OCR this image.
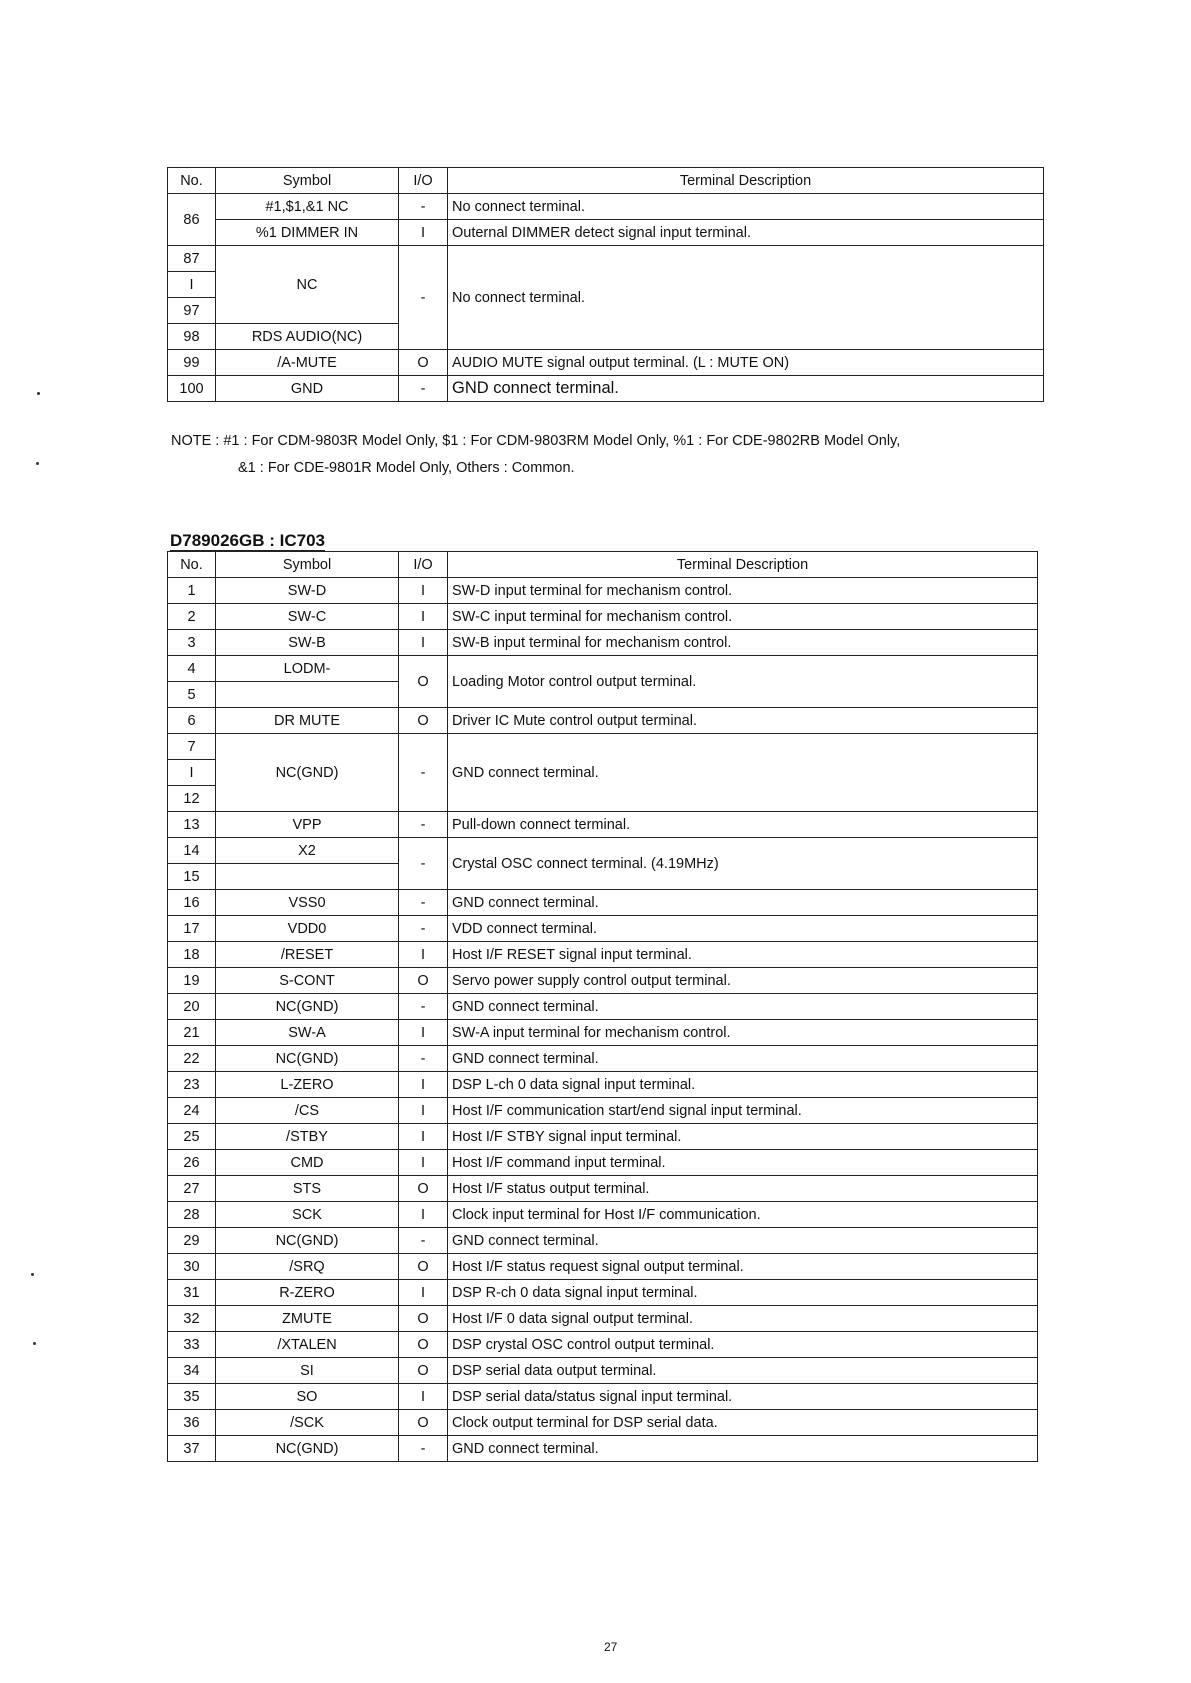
No.	Symbol	I/O	Terminal Description
86	#1,$1,&1 NC	-	No connect terminal.
	%1 DIMMER IN	I	Outernal DIMMER detect signal input terminal.
87	NC	-	No connect terminal.
I			
97			
98	RDS AUDIO(NC)		
99	/A-MUTE	O	AUDIO MUTE signal output terminal. (L : MUTE ON)
100	GND	-	GND connect terminal.
NOTE : #1 : For CDM-9803R Model Only, $1 : For CDM-9803RM Model Only, %1 : For CDE-9802RB Model Only,
&1 : For CDE-9801R Model Only, Others : Common.
D789026GB : IC703
No.	Symbol	I/O	Terminal Description
1	SW-D	I	SW-D input terminal for mechanism control.
2	SW-C	I	SW-C input terminal for mechanism control.
3	SW-B	I	SW-B input terminal for mechanism control.
4	LODM-	O	Loading Motor control output terminal.
5			
6	DR MUTE	O	Driver IC Mute control output terminal.
7	NC(GND)	-	GND connect terminal.
I			
12			
13	VPP	-	Pull-down connect terminal.
14	X2	-	Crystal OSC connect terminal. (4.19MHz)
15			
16	VSS0	-	GND connect terminal.
17	VDD0	-	VDD connect terminal.
18	/RESET	I	Host I/F RESET signal input terminal.
19	S-CONT	O	Servo power supply control output terminal.
20	NC(GND)	-	GND connect terminal.
21	SW-A	I	SW-A input terminal for mechanism control.
22	NC(GND)	-	GND connect terminal.
23	L-ZERO	I	DSP L-ch 0 data signal input terminal.
24	/CS	I	Host I/F communication start/end signal input terminal.
25	/STBY	I	Host I/F STBY signal input terminal.
26	CMD	I	Host I/F command input terminal.
27	STS	O	Host I/F status output terminal.
28	SCK	I	Clock input terminal for Host I/F communication.
29	NC(GND)	-	GND connect terminal.
30	/SRQ	O	Host I/F status request signal output terminal.
31	R-ZERO	I	DSP R-ch 0 data signal input terminal.
32	ZMUTE	O	Host I/F 0 data signal output terminal.
33	/XTALEN	O	DSP crystal OSC control output terminal.
34	SI	O	DSP serial data output terminal.
35	SO	I	DSP serial data/status signal input terminal.
36	/SCK	O	Clock output terminal for DSP serial data.
37	NC(GND)	-	GND connect terminal.
27
